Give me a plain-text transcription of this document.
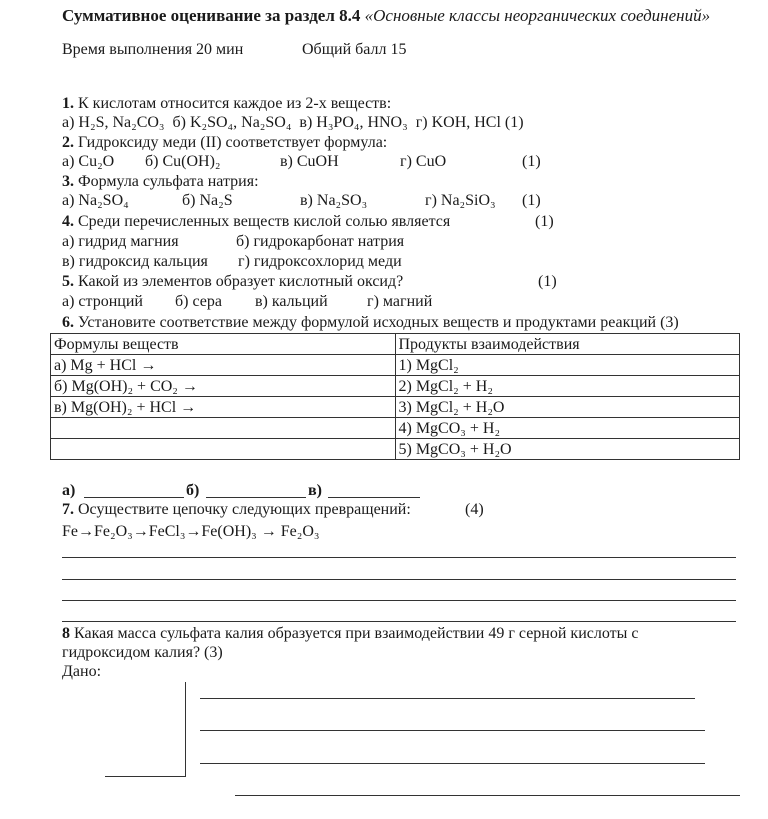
Суммативное оценивание за раздел 8.4 «Основные классы неорганических соединений»
Время выполнения 20 мин	Общий балл 15
1. К кислотам относится каждое из 2-х веществ:
а) H₂S, Na₂CO₃  б) K₂SO₄, Na₂SO₄  в) H₃PO₄, HNO₃  г) KOH, HCl (1)
2. Гидроксиду меди (II) соответствует формула:
а) Cu₂O б) Cu(OH)₂	в) CuOH	г) CuO	(1)
3. Формула сульфата натрия:
а) Na₂SO₄	б) Na₂S	в) Na₂SO₃	г) Na₂SiO₃ (1)
4. Среди перечисленных веществ кислой солью является	(1)
а) гидрид магния	б) гидрокарбонат натрия
в) гидроксид кальция г) гидроксохлорид меди
5. Какой из элементов образует кислотный оксид?	(1)
а) стронций б) сера в) кальций г) магний
6. Установите соответствие между формулой исходных веществ и продуктами реакций (3)
Формулы веществ	Продукты взаимодействия
а) Mg + HCl →	1) MgCl₂
б) Mg(OH)₂ + CO₂ →	2) MgCl₂ + H₂
в) Mg(OH)₂ + HCl →	3) MgCl₂ + H₂O
	4) MgCO₃ + H₂
	5) MgCO₃ + H₂O
а)	б)	в)
7. Осуществите цепочку следующих превращений:	(4)
Fe→Fe₂O₃→FeCl₃→Fe(OH)₃ → Fe₂O₃
8 Какая масса сульфата калия образуется при взаимодействии 49 г серной кислоты с
гидроксидом калия? (3)
Дано:
